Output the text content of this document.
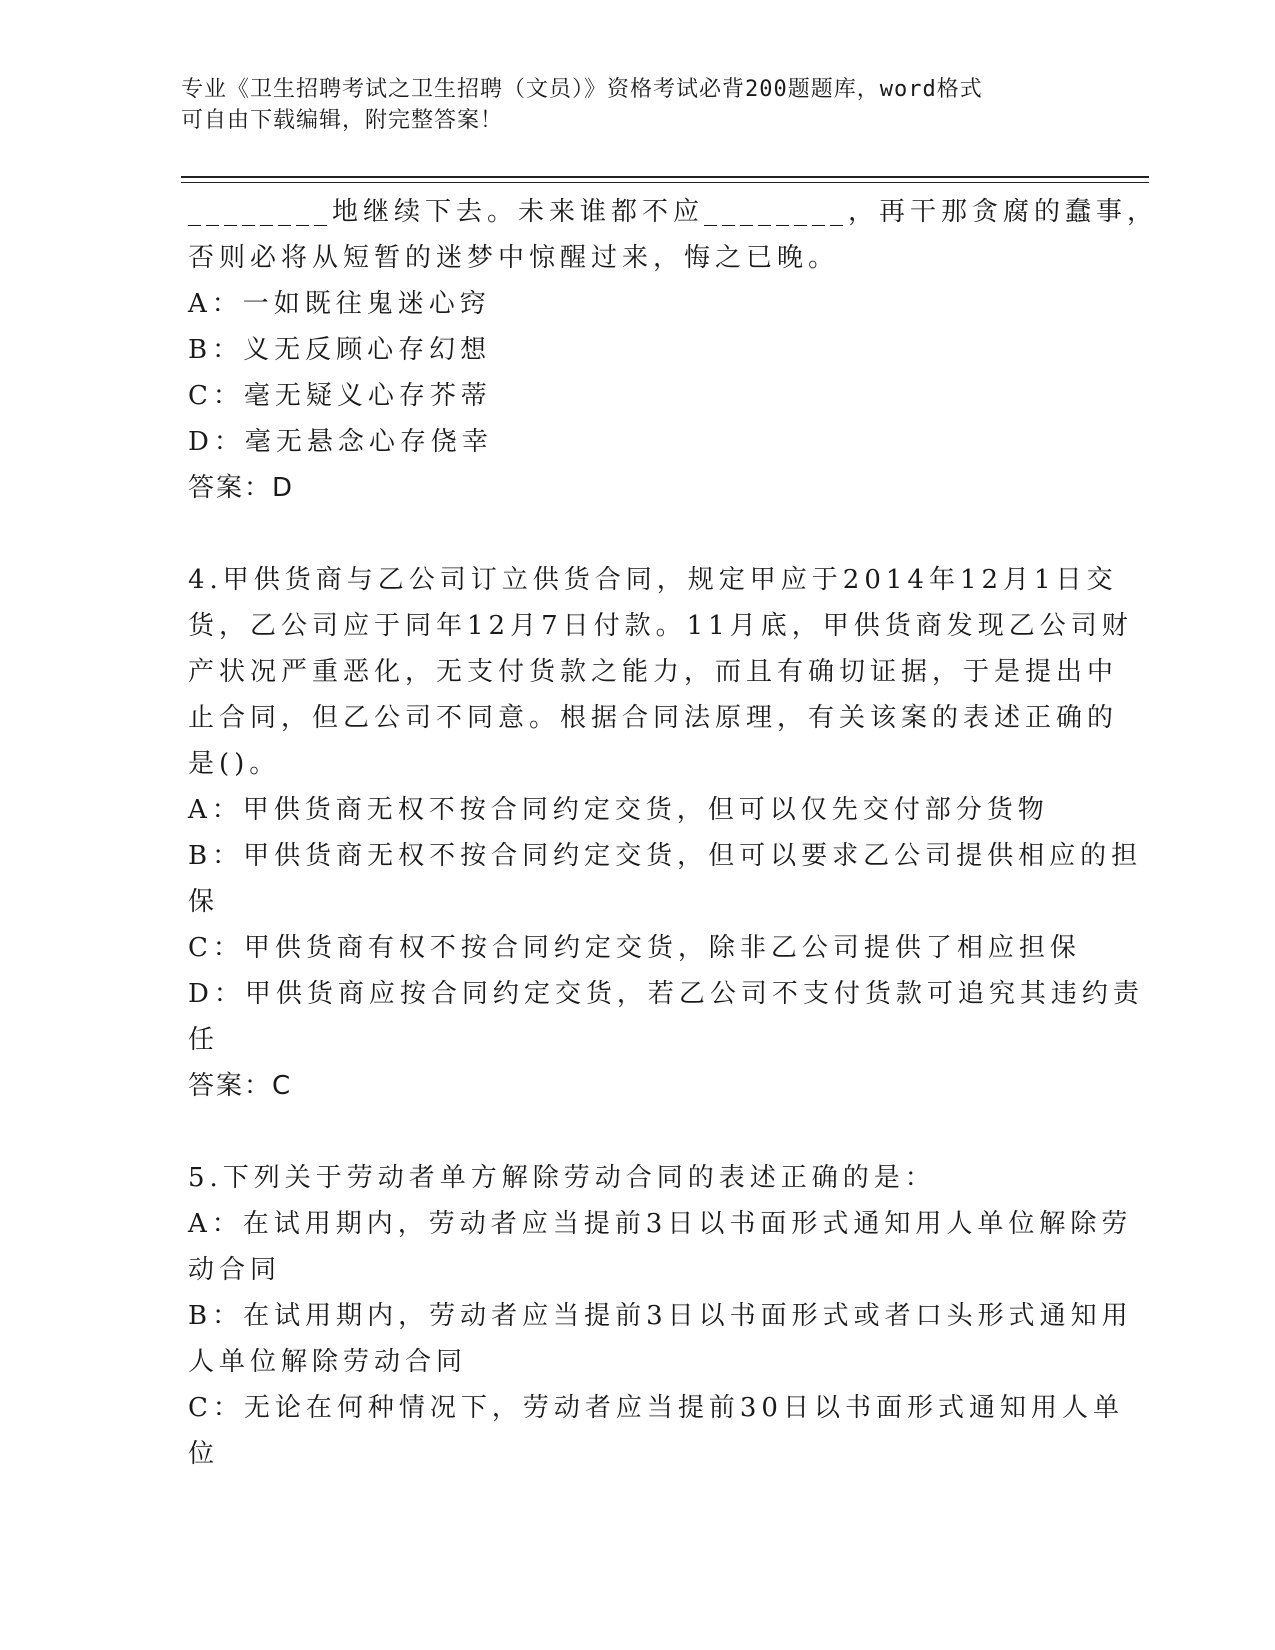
专业《卫生招聘考试之卫生招聘（文员）》资格考试必背200题题库，word格式
可自由下载编辑，附完整答案！
________地继续下去。未来谁都不应________，再干那贪腐的蠢事，
否则必将从短暂的迷梦中惊醒过来，悔之已晚。
A：一如既往鬼迷心窍
B：义无反顾心存幻想
C：毫无疑义心存芥蒂
D：毫无悬念心存侥幸
答案：D
4.甲供货商与乙公司订立供货合同，规定甲应于2014年12月1日交
货，乙公司应于同年12月7日付款。11月底，甲供货商发现乙公司财
产状况严重恶化，无支付货款之能力，而且有确切证据，于是提出中
止合同，但乙公司不同意。根据合同法原理，有关该案的表述正确的
是()。
A：甲供货商无权不按合同约定交货，但可以仅先交付部分货物
B：甲供货商无权不按合同约定交货，但可以要求乙公司提供相应的担
保
C：甲供货商有权不按合同约定交货，除非乙公司提供了相应担保
D：甲供货商应按合同约定交货，若乙公司不支付货款可追究其违约责
任
答案：C
5.下列关于劳动者单方解除劳动合同的表述正确的是：
A：在试用期内，劳动者应当提前3日以书面形式通知用人单位解除劳
动合同
B：在试用期内，劳动者应当提前3日以书面形式或者口头形式通知用
人单位解除劳动合同
C：无论在何种情况下，劳动者应当提前30日以书面形式通知用人单
位
